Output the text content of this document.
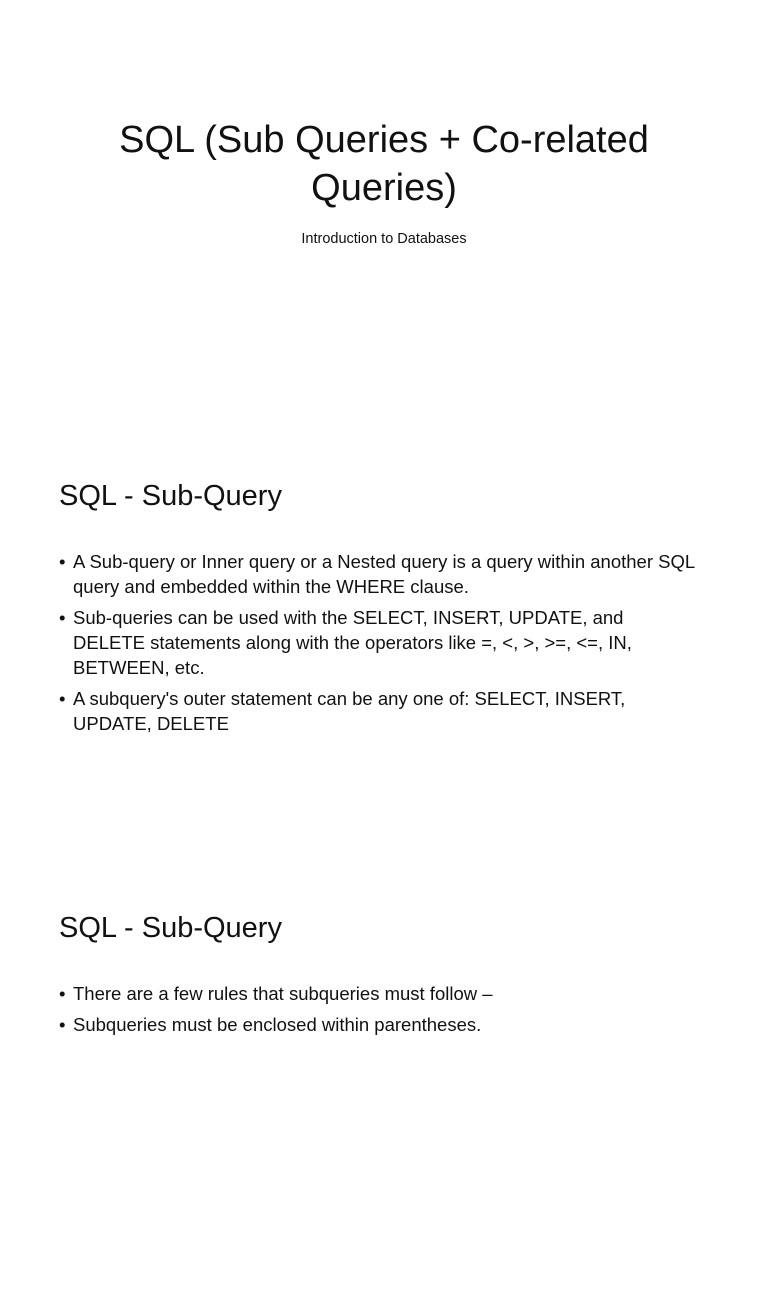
SQL (Sub Queries + Co-related Queries)

Introduction to Databases

SQL - Sub-Query
• A Sub-query or Inner query or a Nested query is a query within another SQL query and embedded within the WHERE clause.
• Sub-queries can be used with the SELECT, INSERT, UPDATE, and DELETE statements along with the operators like =, <, >, >=, <=, IN, BETWEEN, etc.
• A subquery's outer statement can be any one of: SELECT, INSERT, UPDATE, DELETE
SQL - Sub-Query
• There are a few rules that subqueries must follow –
• Subqueries must be enclosed within parentheses.
